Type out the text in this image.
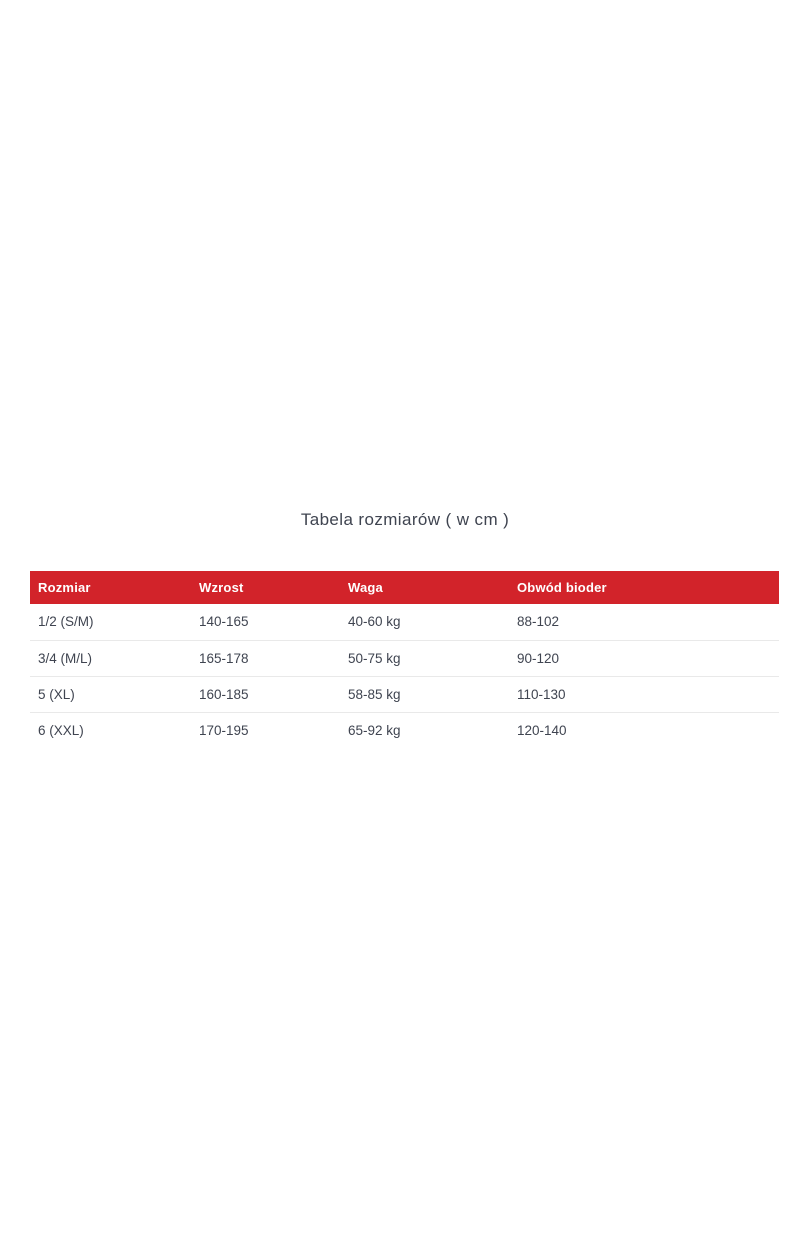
Tabela rozmiarów ( w cm )
Rozmiar	Wzrost	Waga	Obwód bioder
1/2 (S/M)	140-165	40-60 kg	88-102
3/4 (M/L)	165-178	50-75 kg	90-120
5 (XL)	160-185	58-85 kg	110-130
6 (XXL)	170-195	65-92 kg	120-140
